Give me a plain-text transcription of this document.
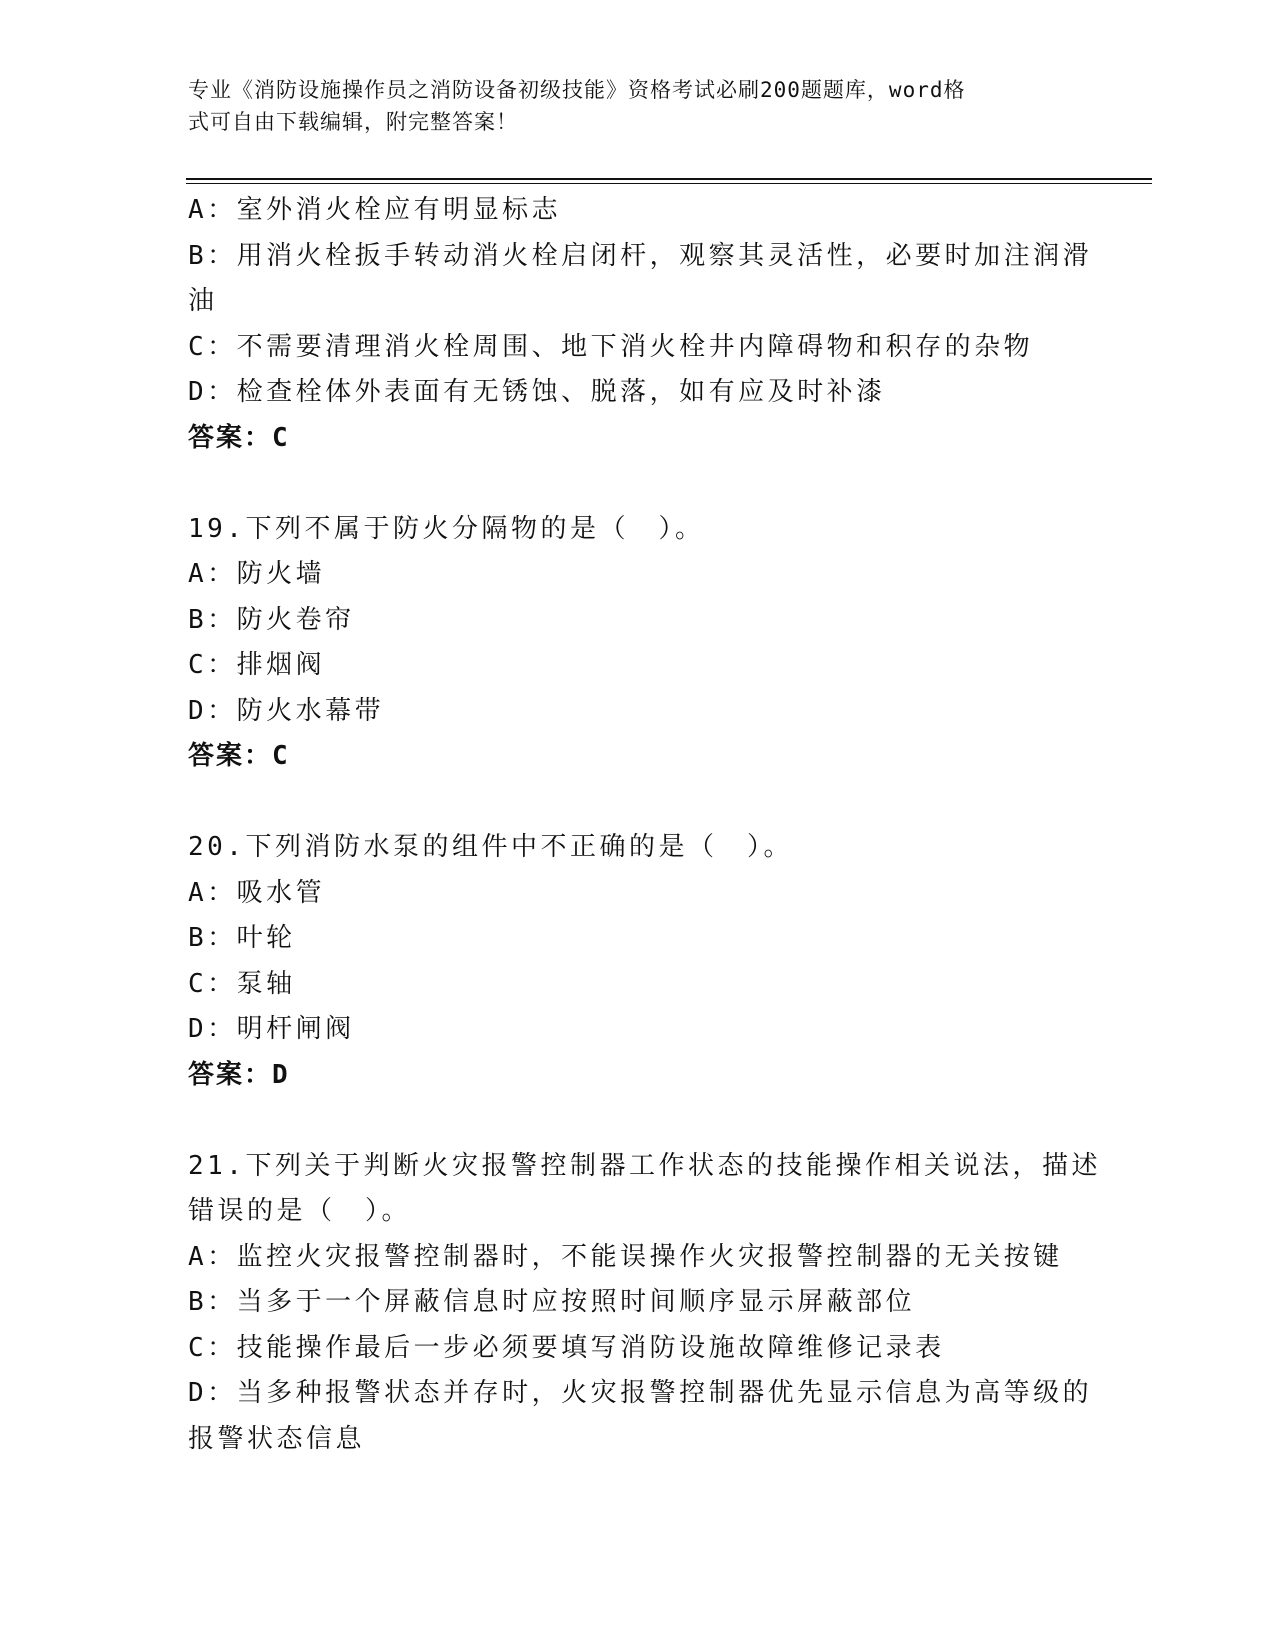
专业《消防设施操作员之消防设备初级技能》资格考试必刷200题题库，word格
式可自由下载编辑，附完整答案！
A：室外消火栓应有明显标志
B：用消火栓扳手转动消火栓启闭杆，观察其灵活性，必要时加注润滑
油
C：不需要清理消火栓周围、地下消火栓井内障碍物和积存的杂物
D：检查栓体外表面有无锈蚀、脱落，如有应及时补漆
答案：C
19.下列不属于防火分隔物的是（　）。
A：防火墙
B：防火卷帘
C：排烟阀
D：防火水幕带
答案：C
20.下列消防水泵的组件中不正确的是（　）。
A：吸水管
B：叶轮
C：泵轴
D：明杆闸阀
答案：D
21.下列关于判断火灾报警控制器工作状态的技能操作相关说法，描述
错误的是（　）。
A：监控火灾报警控制器时，不能误操作火灾报警控制器的无关按键
B：当多于一个屏蔽信息时应按照时间顺序显示屏蔽部位
C：技能操作最后一步必须要填写消防设施故障维修记录表
D：当多种报警状态并存时，火灾报警控制器优先显示信息为高等级的
报警状态信息
